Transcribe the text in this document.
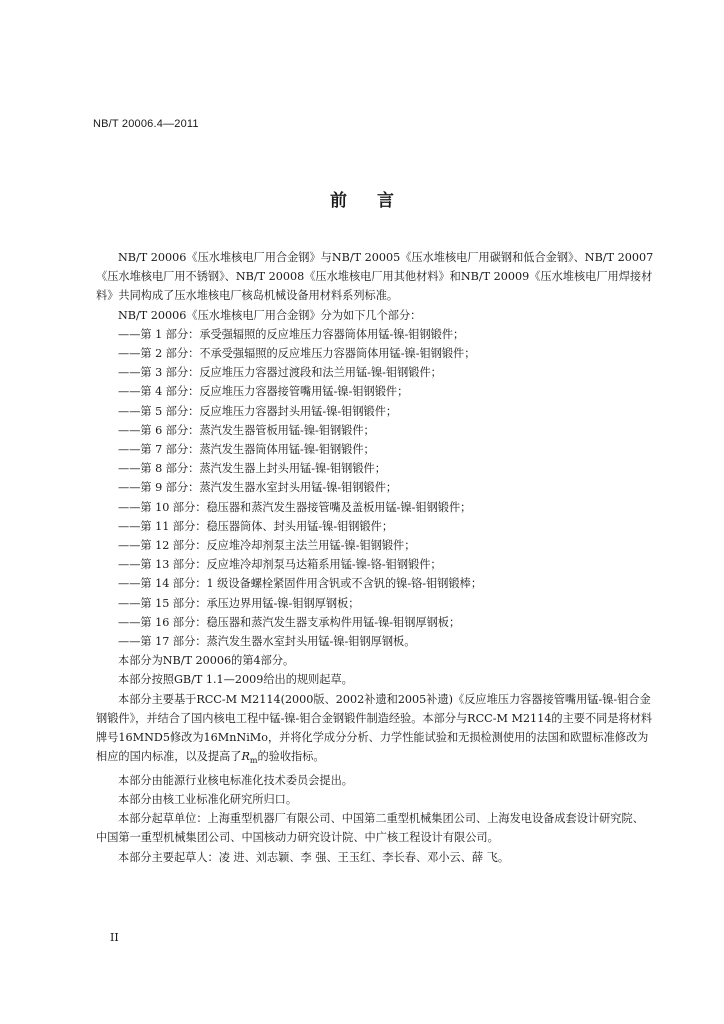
NB/T 20006.4—2011
前 言

NB/T 20006《压水堆核电厂用合金钢》与NB/T 20005《压水堆核电厂用碳钢和低合金钢》、NB/T 20007《压水堆核电厂用不锈钢》、NB/T 20008《压水堆核电厂用其他材料》和NB/T 20009《压水堆核电厂用焊接材料》共同构成了压水堆核电厂核岛机械设备用材料系列标准。

NB/T 20006《压水堆核电厂用合金钢》分为如下几个部分：

——第 1 部分：承受强辐照的反应堆压力容器筒体用锰-镍-钼钢锻件；

——第 2 部分：不承受强辐照的反应堆压力容器筒体用锰-镍-钼钢锻件；

——第 3 部分：反应堆压力容器过渡段和法兰用锰-镍-钼钢锻件；

——第 4 部分：反应堆压力容器接管嘴用锰-镍-钼钢锻件；

——第 5 部分：反应堆压力容器封头用锰-镍-钼钢锻件；

——第 6 部分：蒸汽发生器管板用锰-镍-钼钢锻件；

——第 7 部分：蒸汽发生器筒体用锰-镍-钼钢锻件；

——第 8 部分：蒸汽发生器上封头用锰-镍-钼钢锻件；

——第 9 部分：蒸汽发生器水室封头用锰-镍-钼钢锻件；

——第 10 部分：稳压器和蒸汽发生器接管嘴及盖板用锰-镍-钼钢锻件；

——第 11 部分：稳压器筒体、封头用锰-镍-钼钢锻件；

——第 12 部分：反应堆冷却剂泵主法兰用锰-镍-钼钢锻件；

——第 13 部分：反应堆冷却剂泵马达箱系用锰-镍-铬-钼钢锻件；

——第 14 部分：1 级设备螺栓紧固件用含钒或不含钒的镍-铬-钼钢锻棒；

——第 15 部分：承压边界用锰-镍-钼钢厚钢板；

——第 16 部分：稳压器和蒸汽发生器支承构件用锰-镍-钼钢厚钢板；

——第 17 部分：蒸汽发生器水室封头用锰-镍-钼钢厚钢板。

本部分为NB/T 20006的第4部分。

本部分按照GB/T 1.1—2009给出的规则起草。

本部分主要基于RCC-M M2114(2000版、2002补遗和2005补遗)《反应堆压力容器接管嘴用锰-镍-钼合金钢锻件》，并结合了国内核电工程中锰-镍-钼合金钢锻件制造经验。本部分与RCC-M M2114的主要不同是将材料牌号16MND5修改为16MnNiMo，并将化学成分分析、力学性能试验和无损检测使用的法国和欧盟标准修改为相应的国内标准，以及提高了$R_m$的验收指标。

本部分由能源行业核电标准化技术委员会提出。

本部分由核工业标准化研究所归口。

本部分起草单位：上海重型机器厂有限公司、中国第二重型机械集团公司、上海发电设备成套设计研究院、中国第一重型机械集团公司、中国核动力研究设计院、中广核工程设计有限公司。

本部分主要起草人：凌 进、刘志颖、李 强、王玉红、李长春、邓小云、薛 飞。

II
